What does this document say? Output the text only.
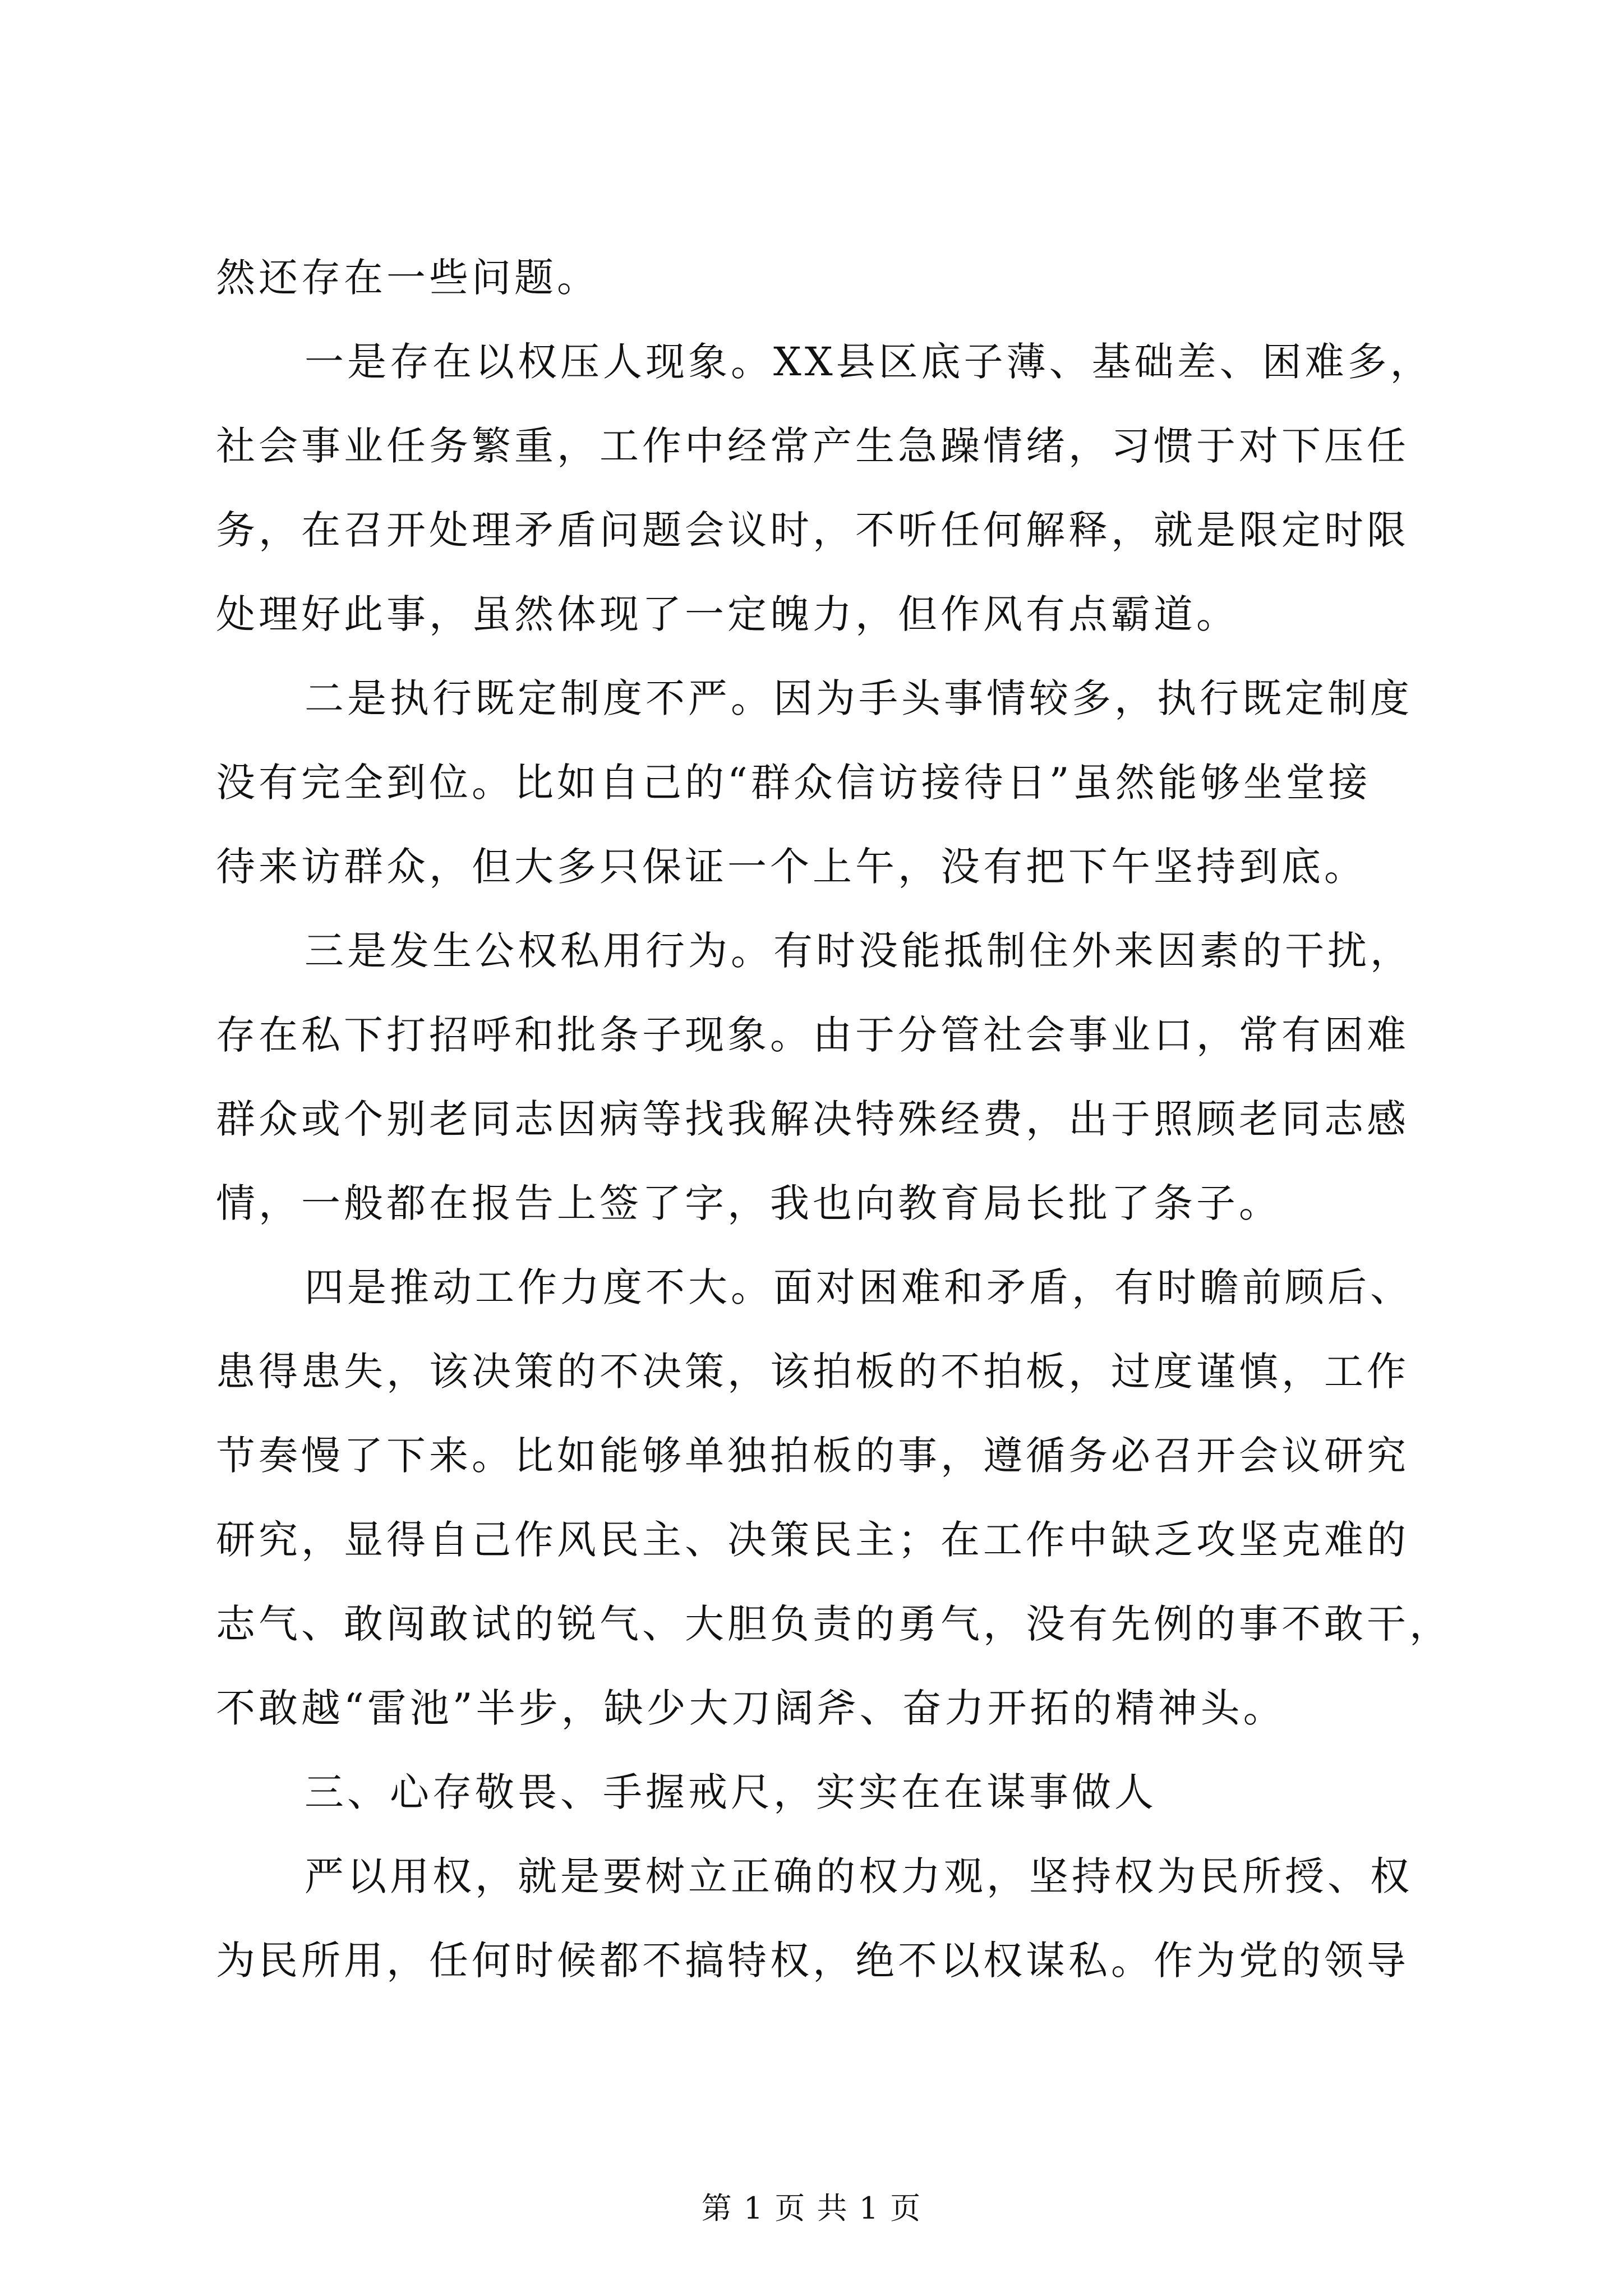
然还存在一些问题。
一是存在以权压人现象。XX县区底子薄、基础差、困难多，
社会事业任务繁重，工作中经常产生急躁情绪，习惯于对下压任
务，在召开处理矛盾问题会议时，不听任何解释，就是限定时限
处理好此事，虽然体现了一定魄力，但作风有点霸道。
二是执行既定制度不严。因为手头事情较多，执行既定制度
没有完全到位。比如自己的“群众信访接待日”虽然能够坐堂接
待来访群众，但大多只保证一个上午，没有把下午坚持到底。
三是发生公权私用行为。有时没能抵制住外来因素的干扰，
存在私下打招呼和批条子现象。由于分管社会事业口，常有困难
群众或个别老同志因病等找我解决特殊经费，出于照顾老同志感
情，一般都在报告上签了字，我也向教育局长批了条子。
四是推动工作力度不大。面对困难和矛盾，有时瞻前顾后、
患得患失，该决策的不决策，该拍板的不拍板，过度谨慎，工作
节奏慢了下来。比如能够单独拍板的事，遵循务必召开会议研究
研究，显得自己作风民主、决策民主；在工作中缺乏攻坚克难的
志气、敢闯敢试的锐气、大胆负责的勇气，没有先例的事不敢干，
不敢越“雷池”半步，缺少大刀阔斧、奋力开拓的精神头。
三、心存敬畏、手握戒尺，实实在在谋事做人
严以用权，就是要树立正确的权力观，坚持权为民所授、权
为民所用，任何时候都不搞特权，绝不以权谋私。作为党的领导
第 1 页 共 1 页
